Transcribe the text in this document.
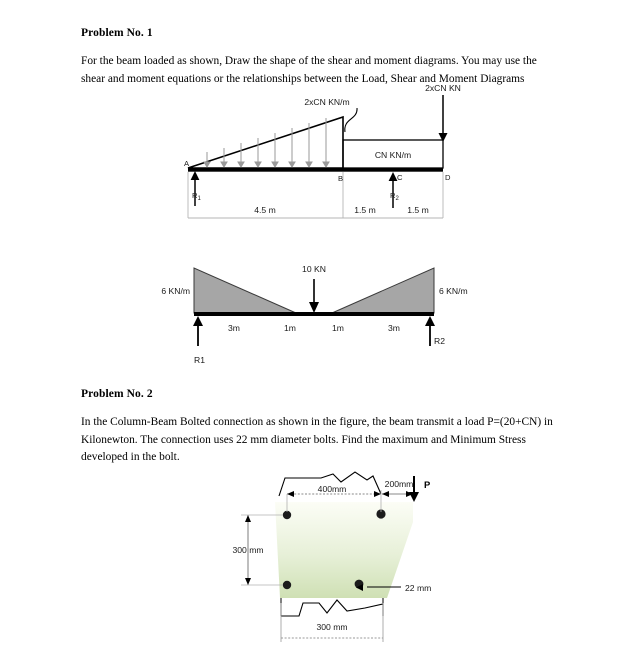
Problem No. 1
For the beam loaded as shown, Draw the shape of the shear and moment diagrams. You may use the
shear and moment equations or the relationships between the Load, Shear and Moment Diagrams
A
B	C	D
$R_1$	$R_2$
2xCN KN/m
CN KN/m
2xCN KN
4.5 m	1.5 m	1.5 m
6 KN/m	6 KN/m
10 KN
3m	1m	1m	3m
R1
R2
Problem No. 2
In the Column-Beam Bolted connection as shown in the figure, the beam transmit a load P=(20+CN) in
Kilonewton. The connection uses 22 mm diameter bolts. Find the maximum and Minimum Stress
developed in the bolt.
400mm	200mm P
300 mm
300 mm
22 mm
